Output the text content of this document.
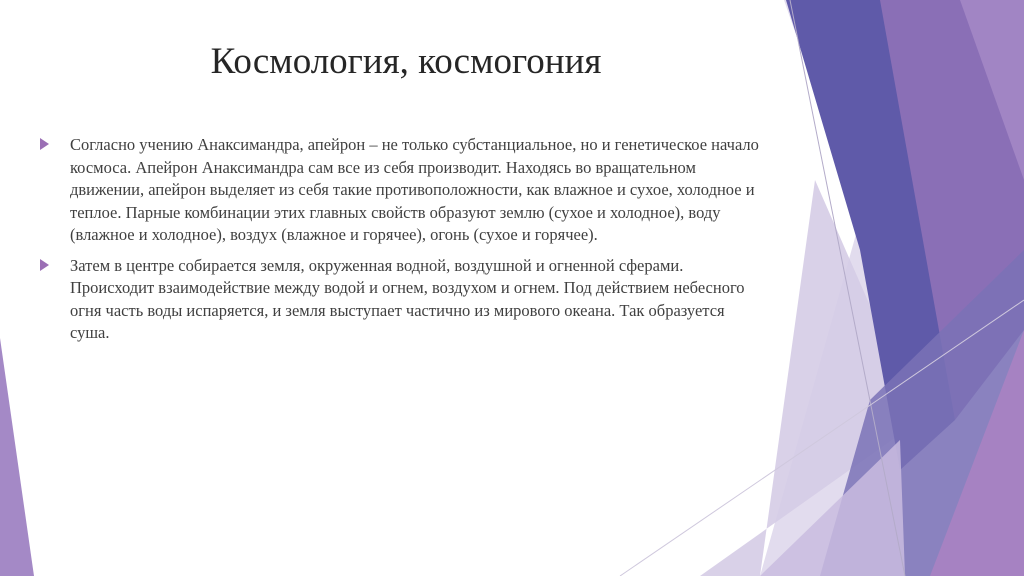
Космология, космогония
Согласно учению Анаксимандра, апейрон – не только субстанциальное, но и генетическое начало космоса. Апейрон Анаксимандра сам все из себя производит. Находясь во вращательном движении, апейрон выделяет из себя такие противоположности, как влажное и сухое, холодное и теплое. Парные комбинации этих главных свойств образуют землю (сухое и холодное), воду (влажное и холодное), воздух (влажное и горячее), огонь (сухое и горячее).
Затем в центре собирается земля, окруженная водной, воздушной и огненной сферами. Происходит взаимодействие между водой и огнем, воздухом и огнем. Под действием небесного огня часть воды испаряется, и земля выступает частично из мирового океана. Так образуется суша.
